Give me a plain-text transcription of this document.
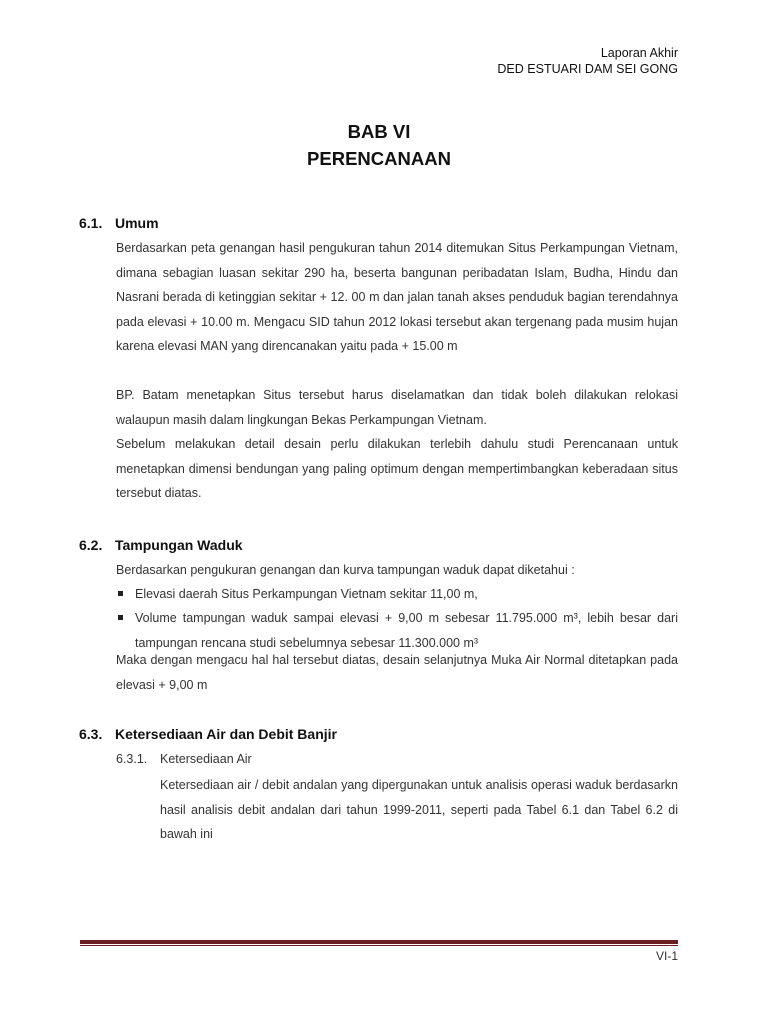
Laporan Akhir
DED ESTUARI DAM SEI GONG
BAB VI
PERENCANAAN
6.1. Umum
Berdasarkan peta genangan hasil pengukuran tahun 2014 ditemukan Situs Perkampungan Vietnam, dimana sebagian luasan sekitar 290 ha, beserta bangunan peribadatan Islam, Budha, Hindu dan Nasrani berada di ketinggian sekitar + 12. 00 m dan jalan tanah akses penduduk bagian terendahnya pada elevasi + 10.00 m. Mengacu SID tahun 2012 lokasi tersebut akan tergenang pada musim hujan karena elevasi MAN yang direncanakan yaitu pada + 15.00 m
BP. Batam menetapkan Situs tersebut harus diselamatkan dan tidak boleh dilakukan relokasi walaupun masih dalam lingkungan Bekas Perkampungan Vietnam.
Sebelum melakukan detail desain perlu dilakukan terlebih dahulu studi Perencanaan untuk menetapkan dimensi bendungan yang paling optimum dengan mempertimbangkan keberadaan situs tersebut diatas.
6.2. Tampungan Waduk
Berdasarkan pengukuran genangan dan kurva tampungan waduk dapat diketahui :
Elevasi daerah Situs Perkampungan Vietnam sekitar 11,00 m,
Volume tampungan waduk sampai elevasi + 9,00 m sebesar 11.795.000 m³, lebih besar dari tampungan rencana studi sebelumnya sebesar 11.300.000 m³
Maka dengan mengacu hal hal tersebut diatas, desain selanjutnya Muka Air Normal ditetapkan pada elevasi + 9,00 m
6.3. Ketersediaan Air dan Debit Banjir
6.3.1. Ketersediaan Air
Ketersediaan air / debit andalan yang dipergunakan untuk analisis operasi waduk berdasarkn hasil analisis debit andalan dari tahun 1999-2011, seperti pada Tabel 6.1 dan Tabel 6.2 di bawah ini
VI-1
